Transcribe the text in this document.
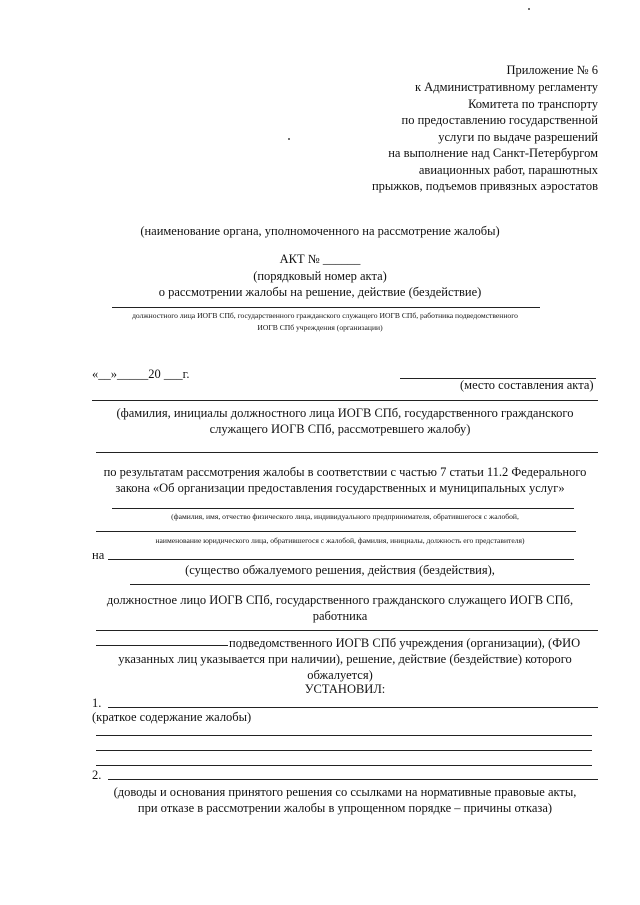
Приложение № 6
к Административному регламенту
Комитета по транспорту
по предоставлению государственной
услуги по выдаче разрешений
на выполнение над Санкт-Петербургом
авиационных работ, парашютных
прыжков, подъемов привязных аэростатов
(наименование органа, уполномоченного на рассмотрение жалобы)
АКТ № ______
(порядковый номер акта)
о рассмотрении жалобы на решение, действие (бездействие)
должностного лица ИОГВ СПб, государственного гражданского служащего ИОГВ СПб, работника подведомственного
ИОГВ СПб учреждения (организации)
«__»_____20 ___г.
(место составления акта)
(фамилия, инициалы должностного лица ИОГВ СПб, государственного гражданского
служащего ИОГВ СПб, рассмотревшего жалобу)
по результатам рассмотрения жалобы в соответствии с частью 7 статьи 11.2 Федерального
закона «Об организации предоставления государственных и муниципальных услуг»
(фамилия, имя, отчество физического лица, индивидуального предпринимателя, обратившегося с жалобой,
наименование юридического лица, обратившегося с жалобой, фамилия, инициалы, должность его представителя)
на
(существо обжалуемого решения, действия (бездействия),
должностное лицо ИОГВ СПб, государственного гражданского служащего ИОГВ СПб,
работника
подведомственного ИОГВ СПб учреждения (организации), (ФИО
указанных лиц указывается при наличии), решение, действие (бездействие) которого
обжалуется)
УСТАНОВИЛ:
1.
(краткое содержание жалобы)
2.
(доводы и основания принятого решения со ссылками на нормативные правовые акты,
при отказе в рассмотрении жалобы в упрощенном порядке – причины отказа)
